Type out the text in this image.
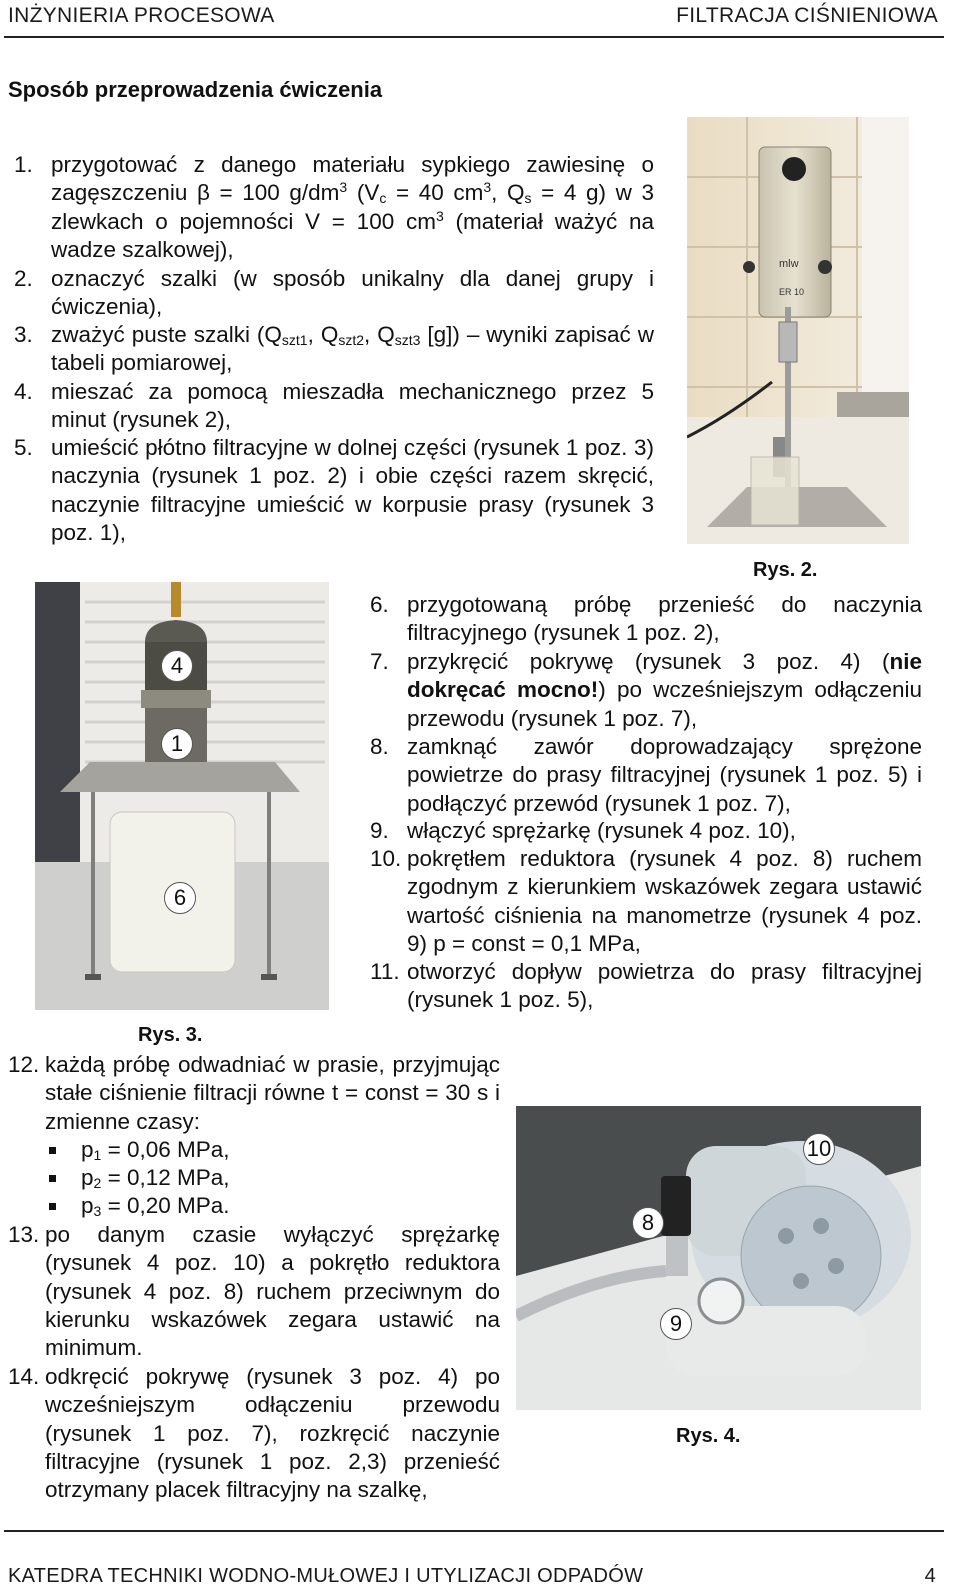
INŻYNIERIA PROCESOWA	FILTRACJA CIŚNIENIOWA
Sposób przeprowadzenia ćwiczenia
1. przygotować z danego materiału sypkiego zawiesinę o zagęszczeniu β = 100 $g/dm^3$ ($V_c = 40$ $cm^3$, $Q_s = 4$ g) w 3 zlewkach o pojemności V = 100 $cm^3$ (materiał ważyć na wadze szalkowej),
2. oznaczyć szalki (w sposób unikalny dla danej grupy i ćwiczenia),
3. zważyć puste szalki ($Q_{szt1}$, $Q_{szt2}$, $Q_{szt3}$ [g]) – wyniki zapisać w tabeli pomiarowej,
4. mieszać za pomocą mieszadła mechanicznego przez 5 minut (rysunek 2),
5. umieścić płótno filtracyjne w dolnej części (rysunek 1 poz. 3) naczynia (rysunek 1 poz. 2) i obie części razem skręcić, naczynie filtracyjne umieścić w korpusie prasy (rysunek 3 poz. 1),
mlw
ER 10
Rys. 2.
4
1
6
Rys. 3.
6. przygotowaną próbę przenieść do naczynia filtracyjnego (rysunek 1 poz. 2),
7. przykręcić pokrywę (rysunek 3 poz. 4) (nie dokręcać mocno!) po wcześniejszym odłączeniu przewodu (rysunek 1 poz. 7),
8. zamknąć zawór doprowadzający sprężone powietrze do prasy filtracyjnej (rysunek 1 poz. 5) i podłączyć przewód (rysunek 1 poz. 7),
9. włączyć sprężarkę (rysunek 4 poz. 10),
10. pokrętłem reduktora (rysunek 4 poz. 8) ruchem zgodnym z kierunkiem wskazówek zegara ustawić wartość ciśnienia na manometrze (rysunek 4 poz. 9) p = const = 0,1 MPa,
11. otworzyć dopływ powietrza do prasy filtracyjnej (rysunek 1 poz. 5),
12. każdą próbę odwadniać w prasie, przyjmując stałe ciśnienie filtracji równe t = const = 30 s i zmienne czasy:
$p_1 = 0,06$ MPa,
$p_2 = 0,12$ MPa,
$p_3 = 0,20$ MPa.
13. po danym czasie wyłączyć sprężarkę (rysunek 4 poz. 10) a pokrętło reduktora (rysunek 4 poz. 8) ruchem przeciwnym do kierunku wskazówek zegara ustawić na minimum.
14. odkręcić pokrywę (rysunek 3 poz. 4) po wcześniejszym odłączeniu przewodu (rysunek 1 poz. 7), rozkręcić naczynie filtracyjne (rysunek 1 poz. 2,3) przenieść otrzymany placek filtracyjny na szalkę,
10
8
9
Rys. 4.
KATEDRA TECHNIKI WODNO-MUŁOWEJ I UTYLIZACJI ODPADÓW	4
